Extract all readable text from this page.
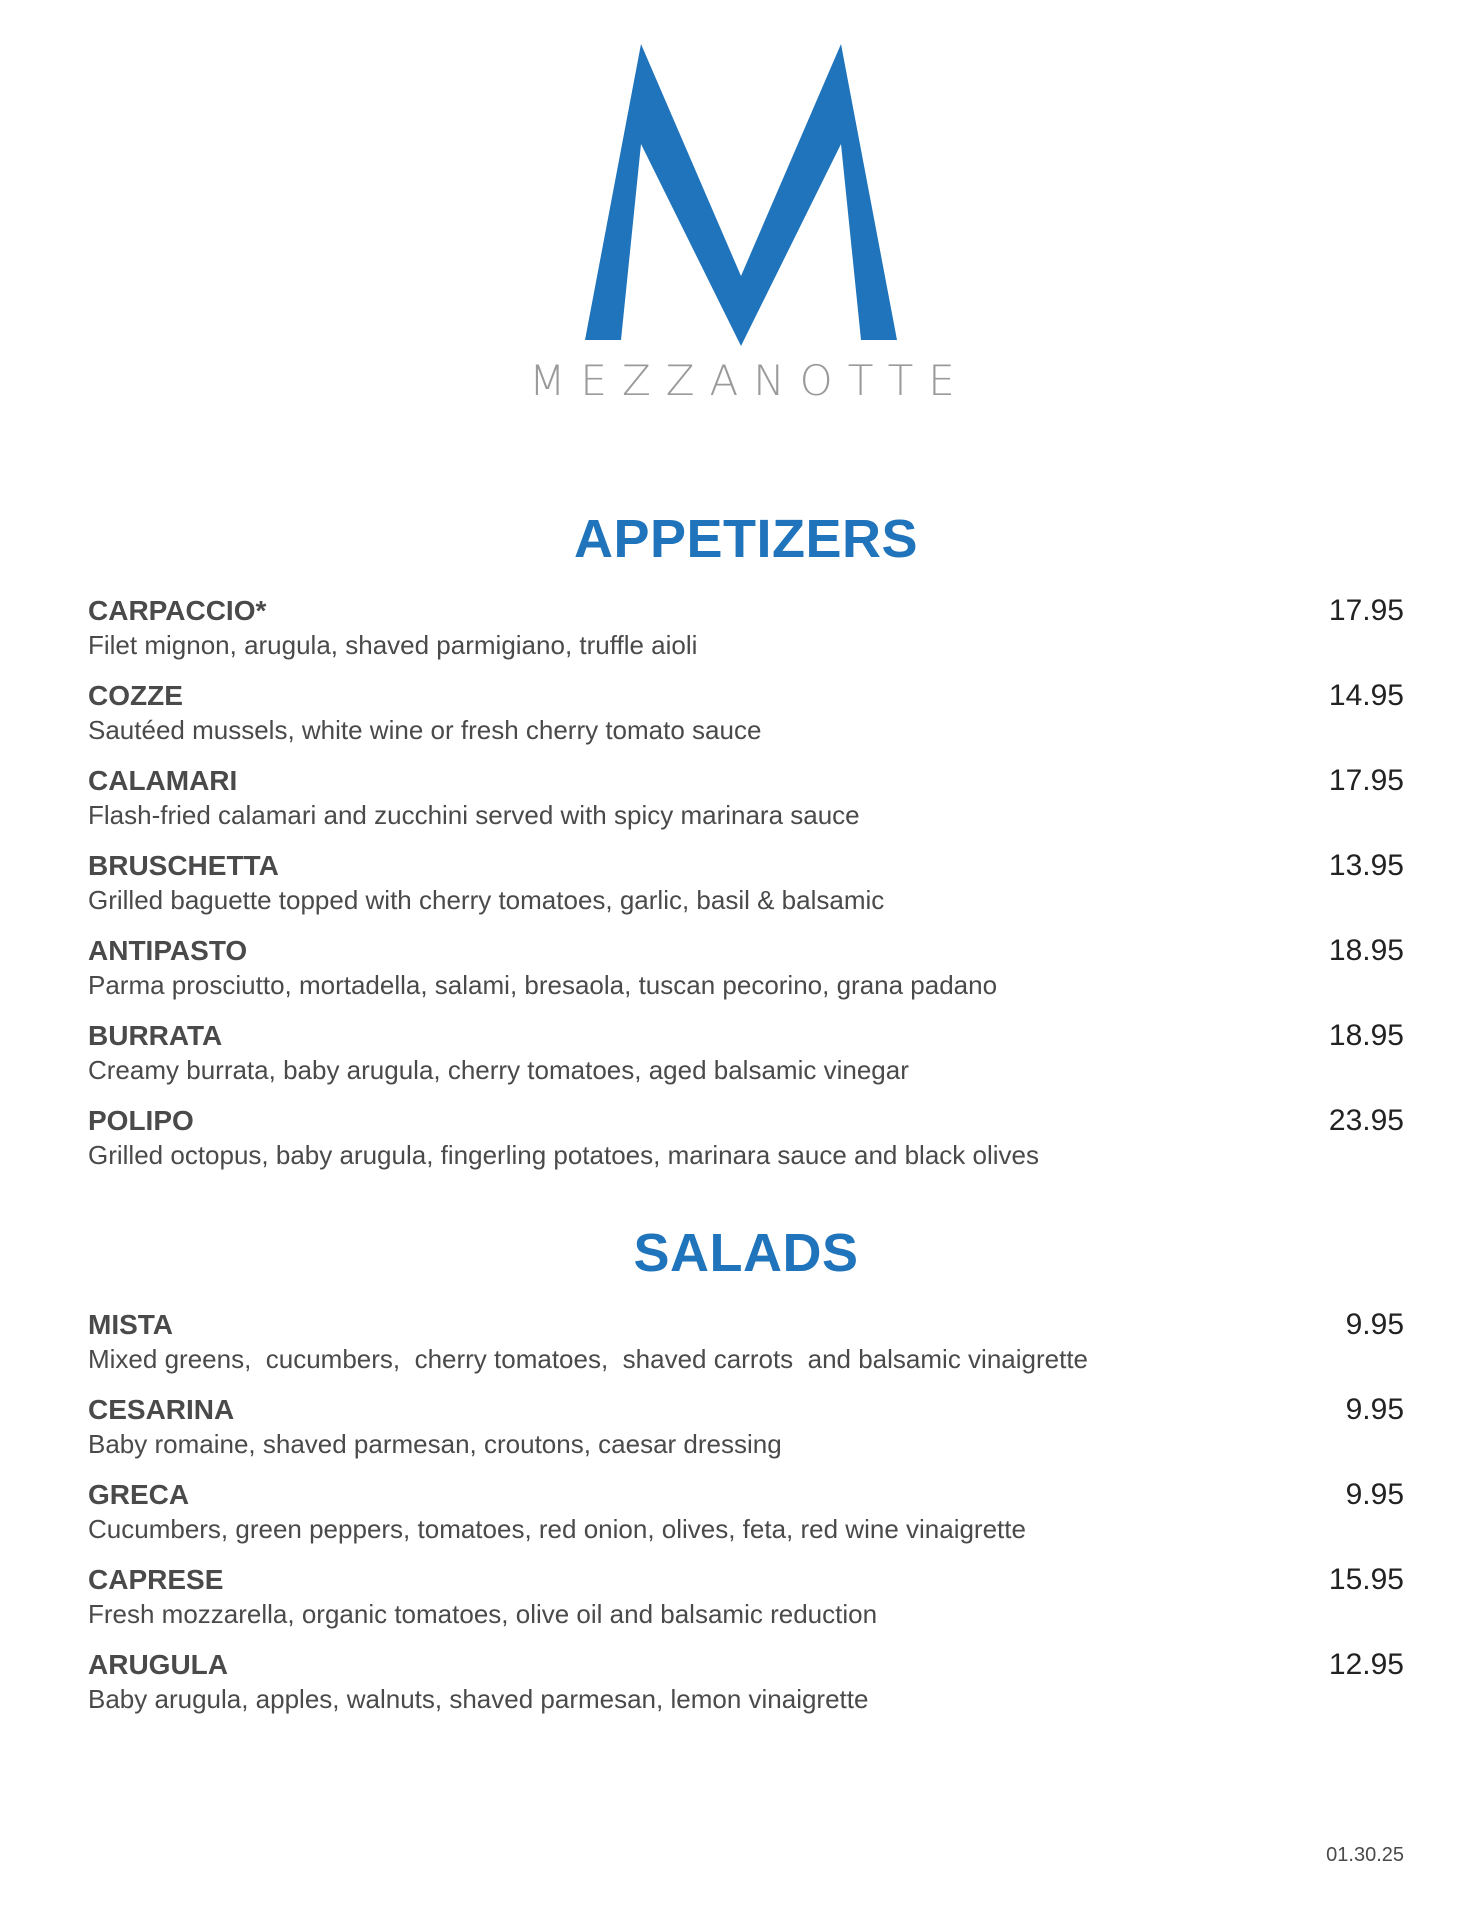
MEZZANOTTE
APPETIZERS
CARPACCIO*	17.95
Filet mignon, arugula, shaved parmigiano, truffle aioli
COZZE	14.95
Sautéed mussels, white wine or fresh cherry tomato sauce
CALAMARI	17.95
Flash-fried calamari and zucchini served with spicy marinara sauce
BRUSCHETTA	13.95
Grilled baguette topped with cherry tomatoes, garlic, basil & balsamic
ANTIPASTO	18.95
Parma prosciutto, mortadella, salami, bresaola, tuscan pecorino, grana padano
BURRATA	18.95
Creamy burrata, baby arugula, cherry tomatoes, aged balsamic vinegar
POLIPO	23.95
Grilled octopus, baby arugula, fingerling potatoes, marinara sauce and black olives
SALADS
MISTA	9.95
Mixed greens,  cucumbers,  cherry tomatoes,  shaved carrots  and balsamic vinaigrette
CESARINA	9.95
Baby romaine, shaved parmesan, croutons, caesar dressing
GRECA	9.95
Cucumbers, green peppers, tomatoes, red onion, olives, feta, red wine vinaigrette
CAPRESE	15.95
Fresh mozzarella, organic tomatoes, olive oil and balsamic reduction
ARUGULA	12.95
Baby arugula, apples, walnuts, shaved parmesan, lemon vinaigrette
01.30.25
